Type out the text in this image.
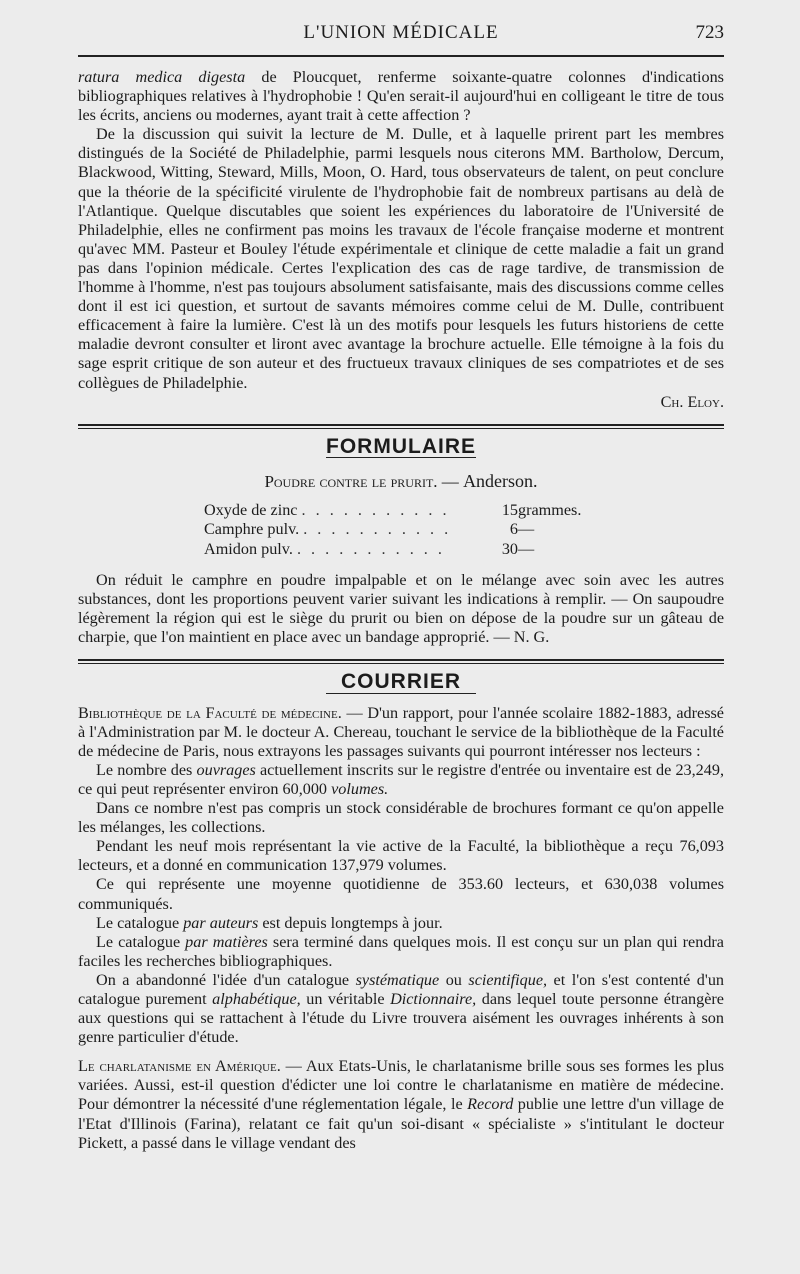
L'UNION MÉDICALE	723

ratura medica digesta de Ploucquet, renferme soixante-quatre colonnes d'indications bibliographiques relatives à l'hydrophobie ! Qu'en serait-il aujourd'hui en colligeant le titre de tous les écrits, anciens ou modernes, ayant trait à cette affection ?

De la discussion qui suivit la lecture de M. Dulle, et à laquelle prirent part les membres distingués de la Société de Philadelphie, parmi lesquels nous citerons MM. Bartholow, Dercum, Blackwood, Witting, Steward, Mills, Moon, O. Hard, tous observateurs de talent, on peut conclure que la théorie de la spécificité virulente de l'hydrophobie fait de nombreux partisans au delà de l'Atlantique. Quelque discutables que soient les expériences du laboratoire de l'Université de Philadelphie, elles ne confirment pas moins les travaux de l'école française moderne et montrent qu'avec MM. Pasteur et Bouley l'étude expérimentale et clinique de cette maladie a fait un grand pas dans l'opinion médicale. Certes l'explication des cas de rage tardive, de transmission de l'homme à l'homme, n'est pas toujours absolument satisfaisante, mais des discussions comme celles dont il est ici question, et surtout de savants mémoires comme celui de M. Dulle, contribuent efficacement à faire la lumière. C'est là un des motifs pour lesquels les futurs historiens de cette maladie devront consulter et liront avec avantage la brochure actuelle. Elle témoigne à la fois du sage esprit critique de son auteur et des fructueux travaux cliniques de ses compatriotes et de ses collègues de Philadelphie.

Ch. Eloy.

FORMULAIRE
Poudre contre le prurit. — Anderson.
Oxyde de zinc . . . . . . . . . . .	15	grammes.
Camphre pulv. . . . . . . . . . . .	6	—
Amidon pulv. . . . . . . . . . . .	30	—

On réduit le camphre en poudre impalpable et on le mélange avec soin avec les autres substances, dont les proportions peuvent varier suivant les indications à remplir. — On saupoudre légèrement la région qui est le siège du prurit ou bien on dépose de la poudre sur un gâteau de charpie, que l'on maintient en place avec un bandage approprié. — N. G.

COURRIER

Bibliothèque de la Faculté de médecine. — D'un rapport, pour l'année scolaire 1882-1883, adressé à l'Administration par M. le docteur A. Chereau, touchant le service de la bibliothèque de la Faculté de médecine de Paris, nous extrayons les passages suivants qui pourront intéresser nos lecteurs :

Le nombre des ouvrages actuellement inscrits sur le registre d'entrée ou inventaire est de 23,249, ce qui peut représenter environ 60,000 volumes.

Dans ce nombre n'est pas compris un stock considérable de brochures formant ce qu'on appelle les mélanges, les collections.

Pendant les neuf mois représentant la vie active de la Faculté, la bibliothèque a reçu 76,093 lecteurs, et a donné en communication 137,979 volumes.

Ce qui représente une moyenne quotidienne de 353.60 lecteurs, et 630,038 volumes communiqués.

Le catalogue par auteurs est depuis longtemps à jour.

Le catalogue par matières sera terminé dans quelques mois. Il est conçu sur un plan qui rendra faciles les recherches bibliographiques.

On a abandonné l'idée d'un catalogue systématique ou scientifique, et l'on s'est contenté d'un catalogue purement alphabétique, un véritable Dictionnaire, dans lequel toute personne étrangère aux questions qui se rattachent à l'étude du Livre trouvera aisément les ouvrages inhérents à son genre particulier d'étude.

Le charlatanisme en Amérique. — Aux Etats-Unis, le charlatanisme brille sous ses formes les plus variées. Aussi, est-il question d'édicter une loi contre le charlatanisme en matière de médecine. Pour démontrer la nécessité d'une réglementation légale, le Record publie une lettre d'un village de l'Etat d'Illinois (Farina), relatant ce fait qu'un soi-disant « spécialiste » s'intitulant le docteur Pickett, a passé dans le village vendant des
